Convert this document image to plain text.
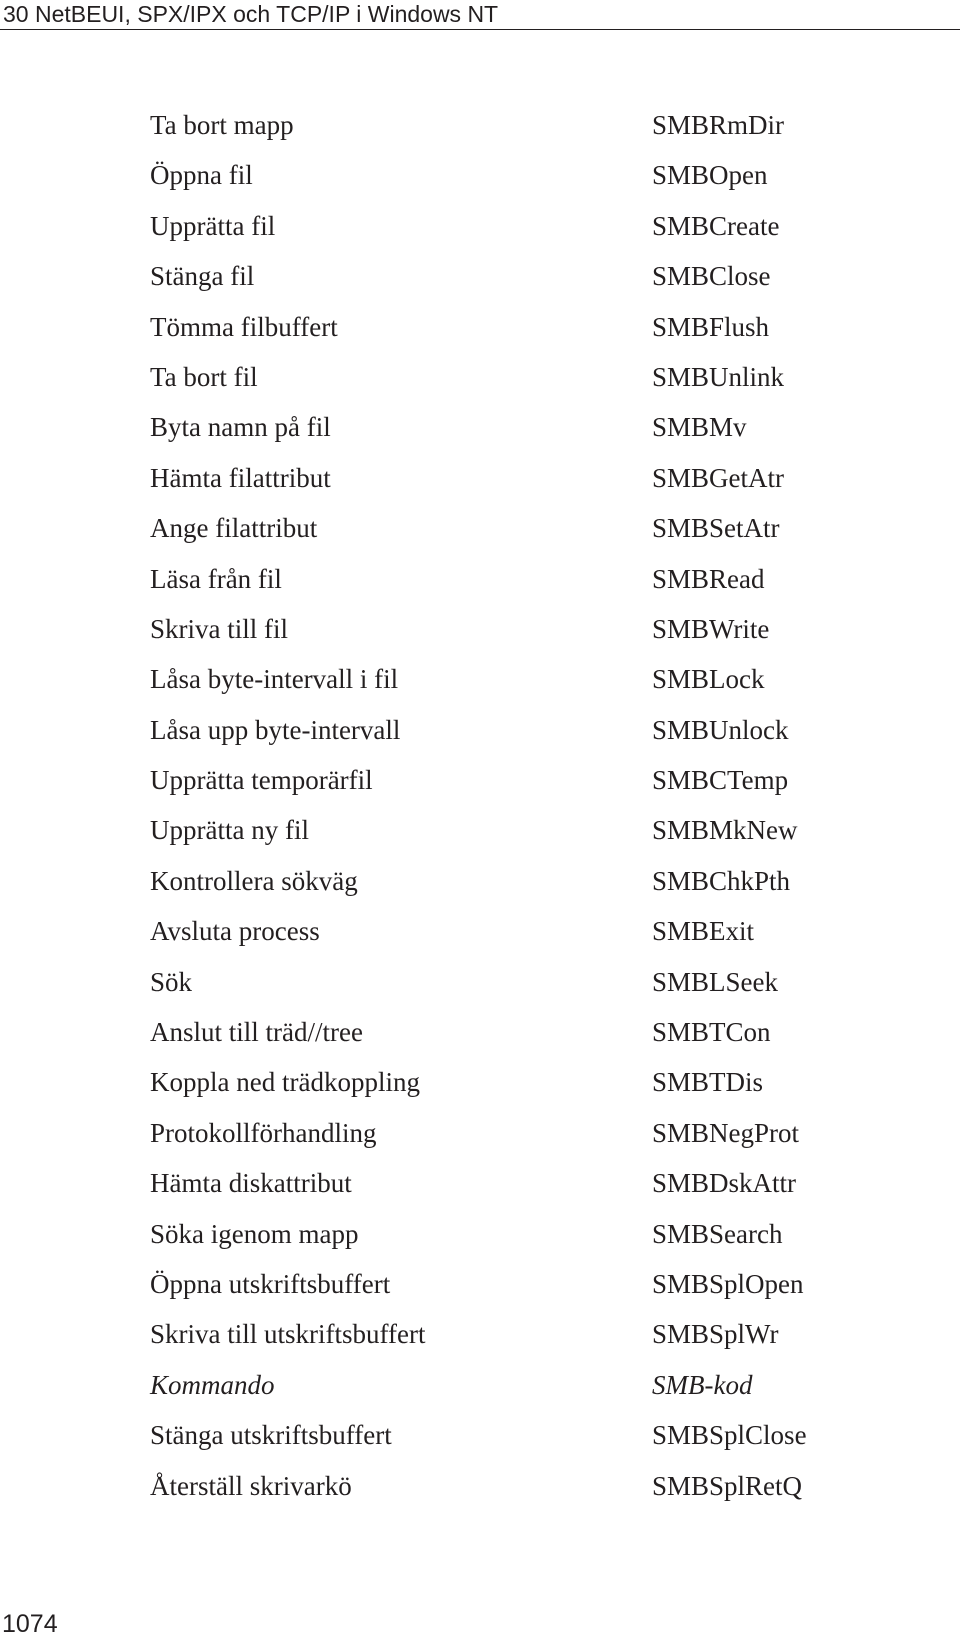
30 NetBEUI, SPX/IPX och TCP/IP i Windows NT
Ta bort mapp	SMBRmDir
Öppna fil	SMBOpen
Upprätta fil	SMBCreate
Stänga fil	SMBClose
Tömma filbuffert	SMBFlush
Ta bort fil	SMBUnlink
Byta namn på fil	SMBMv
Hämta filattribut	SMBGetAtr
Ange filattribut	SMBSetAtr
Läsa från fil	SMBRead
Skriva till fil	SMBWrite
Låsa byte-intervall i fil	SMBLock
Låsa upp byte-intervall	SMBUnlock
Upprätta temporärfil	SMBCTemp
Upprätta ny fil	SMBMkNew
Kontrollera sökväg	SMBChkPth
Avsluta process	SMBExit
Sök	SMBLSeek
Anslut till träd//tree	SMBTCon
Koppla ned trädkoppling	SMBTDis
Protokollförhandling	SMBNegProt
Hämta diskattribut	SMBDskAttr
Söka igenom mapp	SMBSearch
Öppna utskriftsbuffert	SMBSplOpen
Skriva till utskriftsbuffert	SMBSplWr
Kommando	SMB-kod
Stänga utskriftsbuffert	SMBSplClose
Återställ skrivarkö	SMBSplRetQ
1074
